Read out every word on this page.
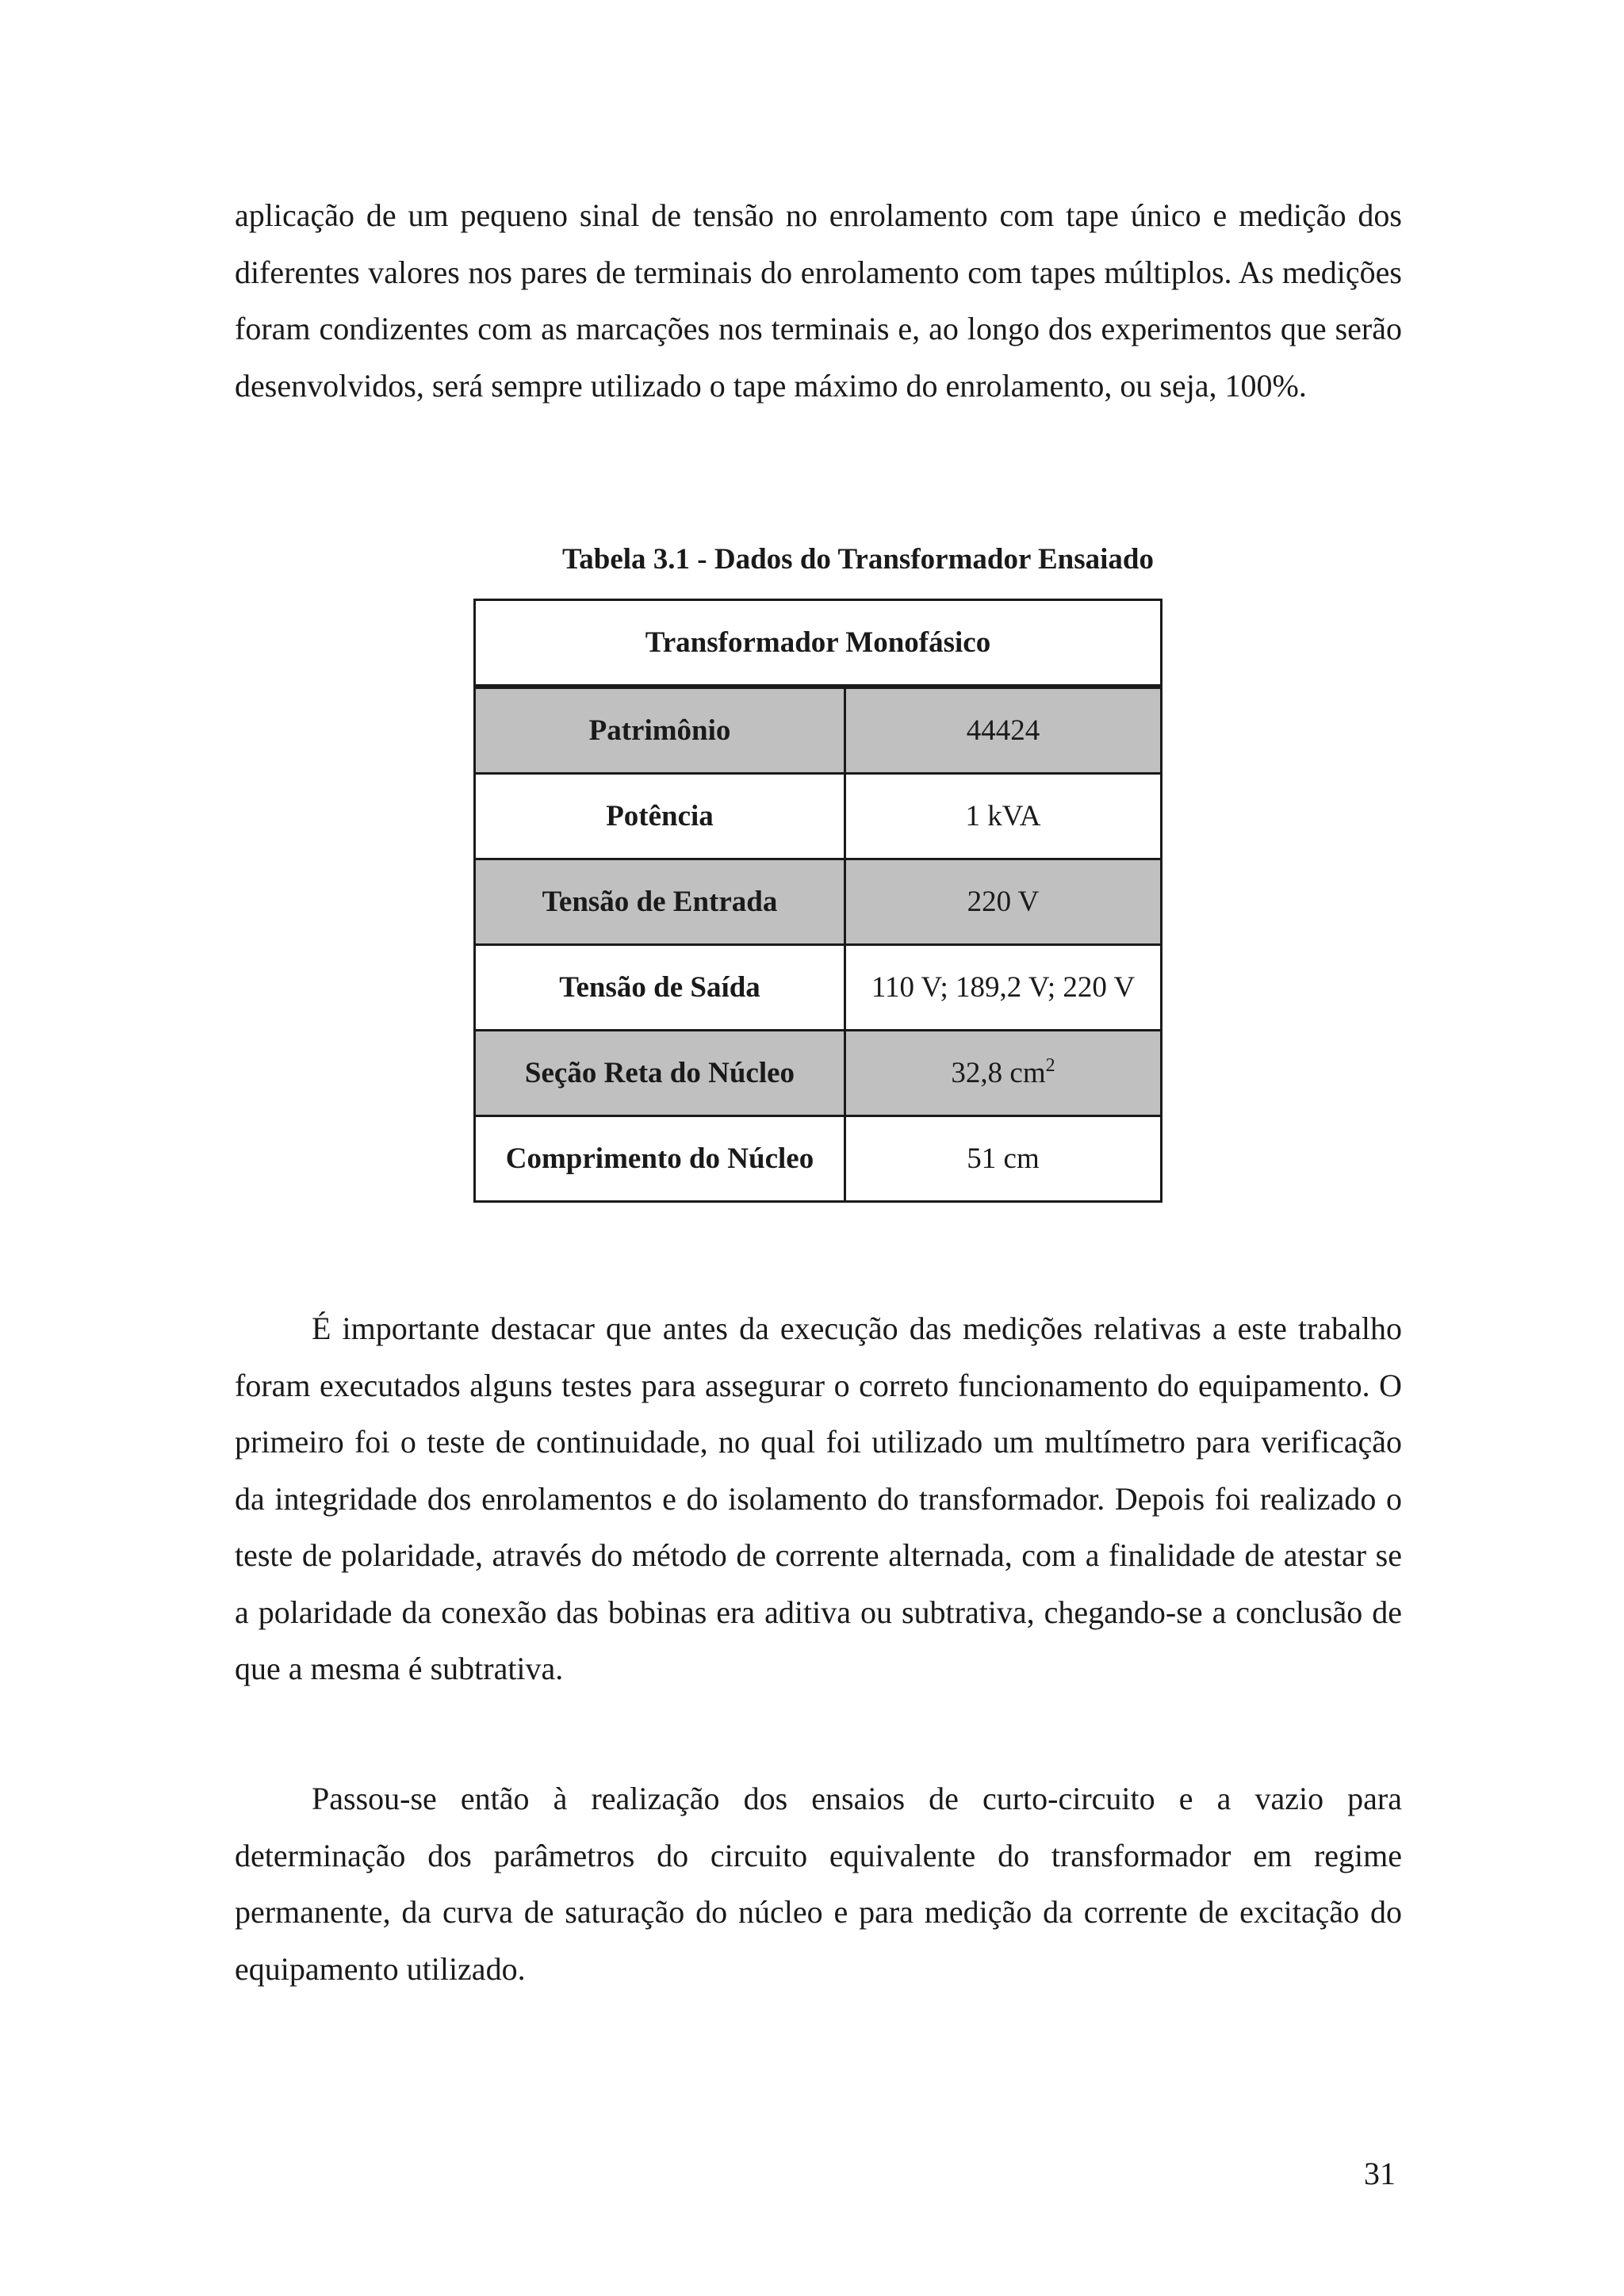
aplicação de um pequeno sinal de tensão no enrolamento com tape único e medição dos diferentes valores nos pares de terminais do enrolamento com tapes múltiplos. As medições foram condizentes com as marcações nos terminais e, ao longo dos experimentos que serão desenvolvidos, será sempre utilizado o tape máximo do enrolamento, ou seja, 100%.

Tabela 3.1 - Dados do Transformador Ensaiado

Transformador Monofásico	
Patrimônio	44424
Potência	1 kVA
Tensão de Entrada	220 V
Tensão de Saída	110 V; 189,2 V; 220 V
Seção Reta do Núcleo	32,8 $cm^2$
Comprimento do Núcleo	51 cm

É importante destacar que antes da execução das medições relativas a este trabalho foram executados alguns testes para assegurar o correto funcionamento do equipamento. O primeiro foi o teste de continuidade, no qual foi utilizado um multímetro para verificação da integridade dos enrolamentos e do isolamento do transformador. Depois foi realizado o teste de polaridade, através do método de corrente alternada, com a finalidade de atestar se a polaridade da conexão das bobinas era aditiva ou subtrativa, chegando-se a conclusão de que a mesma é subtrativa.

Passou-se então à realização dos ensaios de curto-circuito e a vazio para determinação dos parâmetros do circuito equivalente do transformador em regime permanente, da curva de saturação do núcleo e para medição da corrente de excitação do equipamento utilizado.

31
